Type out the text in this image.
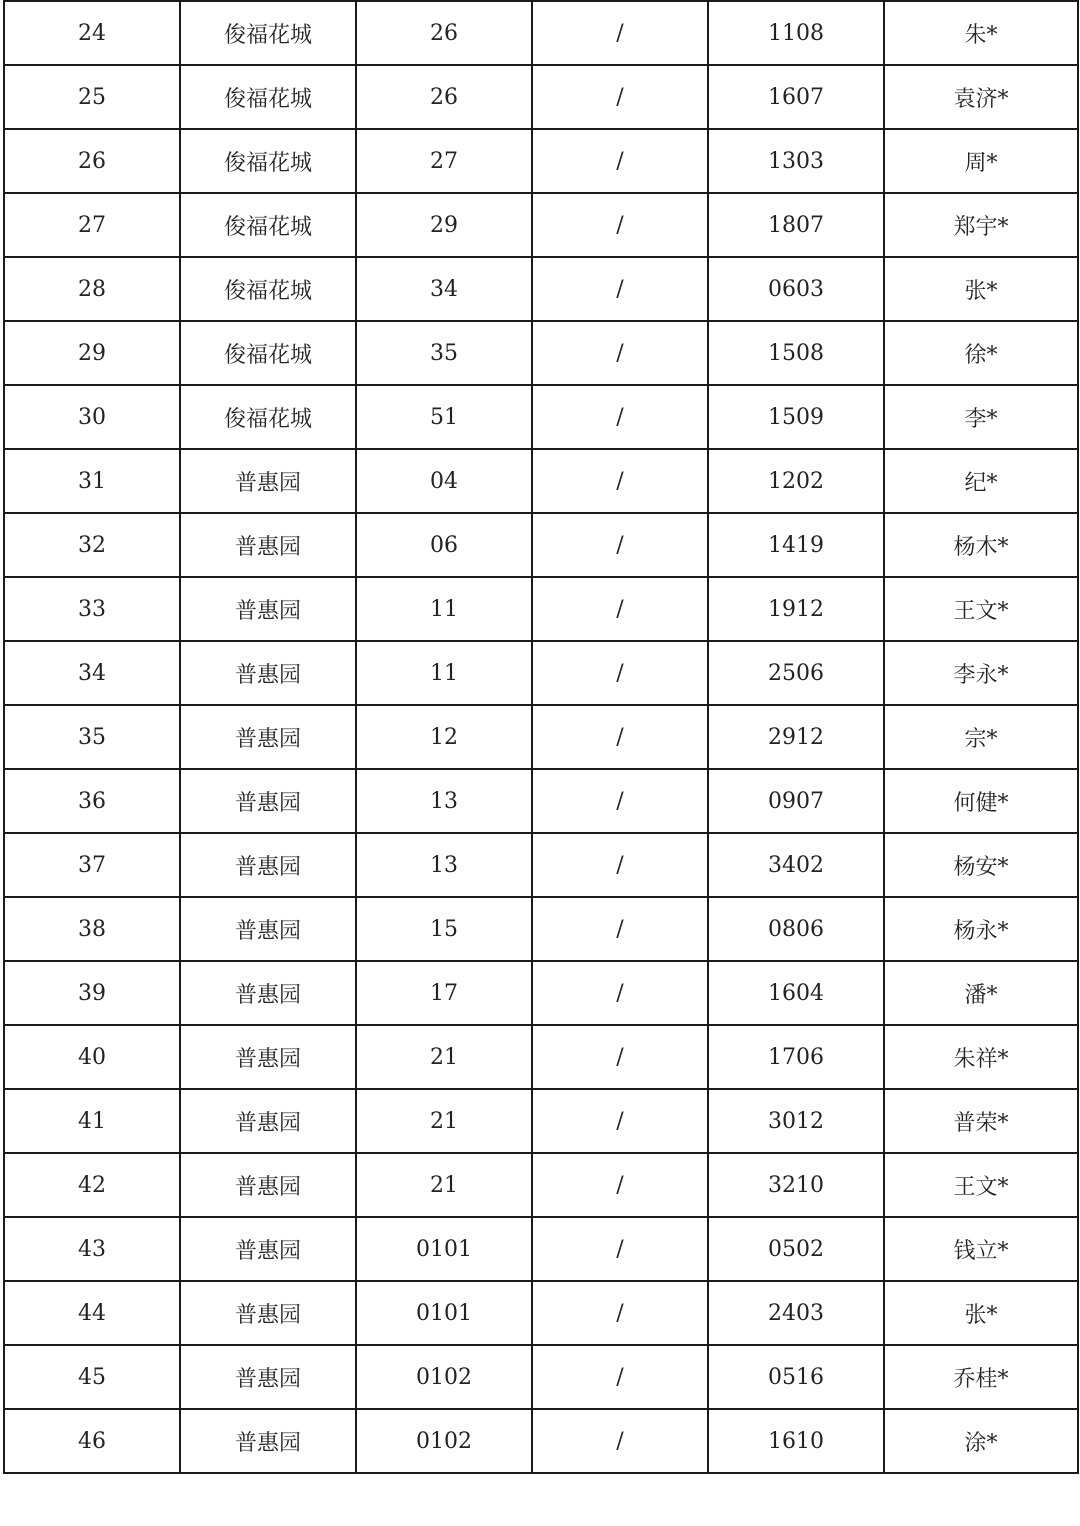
24	俊福花城	26	/	1108	朱*
25	俊福花城	26	/	1607	袁济*
26	俊福花城	27	/	1303	周*
27	俊福花城	29	/	1807	郑宇*
28	俊福花城	34	/	0603	张*
29	俊福花城	35	/	1508	徐*
30	俊福花城	51	/	1509	李*
31	普惠园	04	/	1202	纪*
32	普惠园	06	/	1419	杨木*
33	普惠园	11	/	1912	王文*
34	普惠园	11	/	2506	李永*
35	普惠园	12	/	2912	宗*
36	普惠园	13	/	0907	何健*
37	普惠园	13	/	3402	杨安*
38	普惠园	15	/	0806	杨永*
39	普惠园	17	/	1604	潘*
40	普惠园	21	/	1706	朱祥*
41	普惠园	21	/	3012	普荣*
42	普惠园	21	/	3210	王文*
43	普惠园	0101	/	0502	钱立*
44	普惠园	0101	/	2403	张*
45	普惠园	0102	/	0516	乔桂*
46	普惠园	0102	/	1610	涂*
